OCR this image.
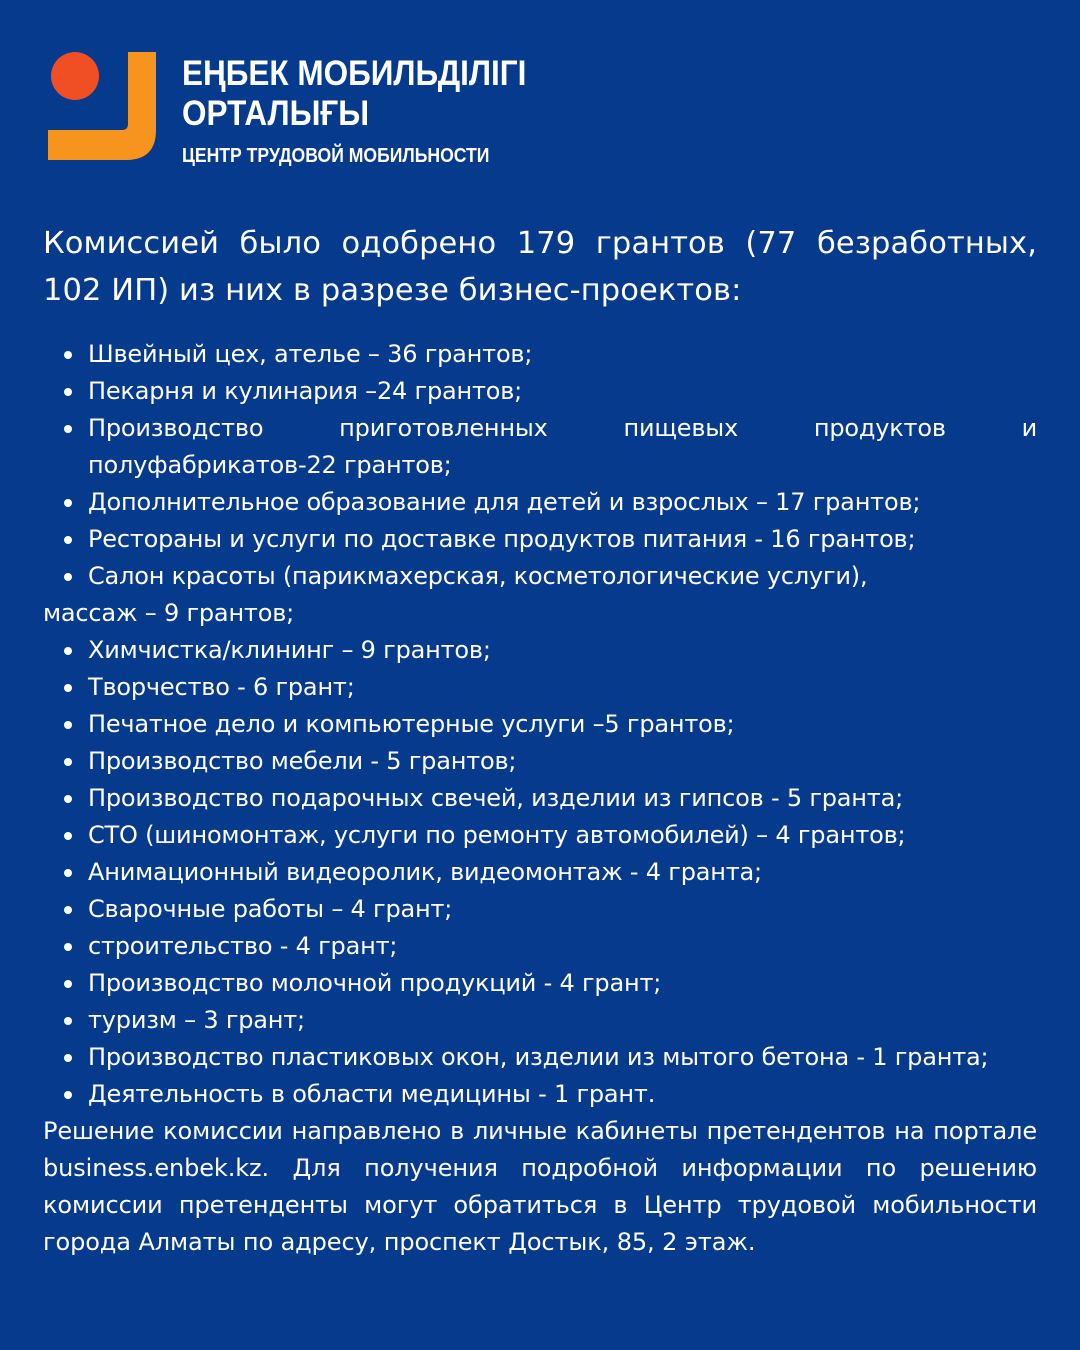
ЕҢБЕК МОБИЛЬДІЛІГІ
ОРТАЛЫҒЫ
ЦЕНТР ТРУДОВОЙ МОБИЛЬНОСТИ
Комиссией было одобрено 179 грантов (77 безработных, 102 ИП) из них в разрезе бизнес-проектов:
Швейный цех, ателье – 36 грантов;
Пекарня и кулинария –24 грантов;
Производство приготовленных пищевых продуктов и
полуфабрикатов-22 грантов;
Дополнительное образование для детей и взрослых – 17 грантов;
Рестораны и услуги по доставке продуктов питания - 16 грантов;
Салон красоты (парикмахерская, косметологические услуги),
массаж – 9 грантов;
Химчистка/клининг – 9 грантов;
Творчество - 6 грант;
Печатное дело и компьютерные услуги –5 грантов;
Производство мебели - 5 грантов;
Производство подарочных свечей, изделии из гипсов - 5 гранта;
СТО (шиномонтаж, услуги по ремонту автомобилей) – 4 грантов;
Анимационный видеоролик, видеомонтаж - 4 гранта;
Сварочные работы – 4 грант;
строительство - 4 грант;
Производство молочной продукций - 4 грант;
туризм – 3 грант;
Производство пластиковых окон, изделии из мытого бетона - 1 гранта;
Деятельность в области медицины - 1 грант.
Решение комиссии направлено в личные кабинеты претендентов на портале business.enbek.kz. Для получения подробной информации по решению комиссии претенденты могут обратиться в Центр трудовой мобильности города Алматы по адресу, проспект Достык, 85, 2 этаж.
